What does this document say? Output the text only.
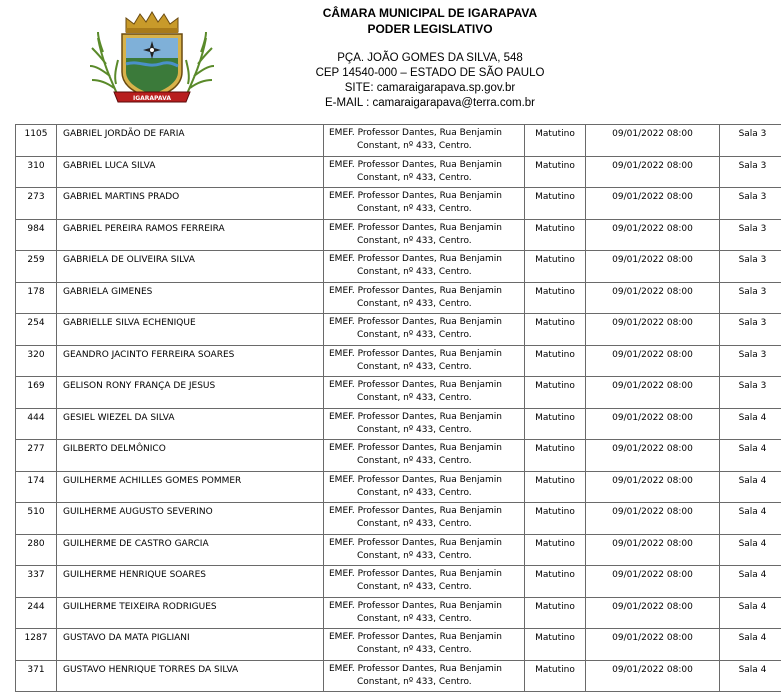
IGARAPAVA
CÂMARA MUNICIPAL DE IGARAPAVA
PODER LEGISLATIVO
PÇA. JOÃO GOMES DA SILVA, 548
CEP 14540-000 – ESTADO DE SÃO PAULO
SITE: camaraigarapava.sp.gov.br
E-MAIL : camaraigarapava@terra.com.br
1105	GABRIEL JORDÃO DE FARIA	EMEF. Professor Dantes, Rua Benjamin
Constant, nº 433, Centro.	Matutino	09/01/2022 08:00	Sala 3
310	GABRIEL LUCA SILVA	EMEF. Professor Dantes, Rua Benjamin
Constant, nº 433, Centro.	Matutino	09/01/2022 08:00	Sala 3
273	GABRIEL MARTINS PRADO	EMEF. Professor Dantes, Rua Benjamin
Constant, nº 433, Centro.	Matutino	09/01/2022 08:00	Sala 3
984	GABRIEL PEREIRA RAMOS FERREIRA	EMEF. Professor Dantes, Rua Benjamin
Constant, nº 433, Centro.	Matutino	09/01/2022 08:00	Sala 3
259	GABRIELA DE OLIVEIRA SILVA	EMEF. Professor Dantes, Rua Benjamin
Constant, nº 433, Centro.	Matutino	09/01/2022 08:00	Sala 3
178	GABRIELA GIMENES	EMEF. Professor Dantes, Rua Benjamin
Constant, nº 433, Centro.	Matutino	09/01/2022 08:00	Sala 3
254	GABRIELLE SILVA ECHENIQUE	EMEF. Professor Dantes, Rua Benjamin
Constant, nº 433, Centro.	Matutino	09/01/2022 08:00	Sala 3
320	GEANDRO JACINTO FERREIRA SOARES	EMEF. Professor Dantes, Rua Benjamin
Constant, nº 433, Centro.	Matutino	09/01/2022 08:00	Sala 3
169	GELISON RONY FRANÇA DE JESUS	EMEF. Professor Dantes, Rua Benjamin
Constant, nº 433, Centro.	Matutino	09/01/2022 08:00	Sala 3
444	GESIEL WIEZEL DA SILVA	EMEF. Professor Dantes, Rua Benjamin
Constant, nº 433, Centro.	Matutino	09/01/2022 08:00	Sala 4
277	GILBERTO DELMÔNICO	EMEF. Professor Dantes, Rua Benjamin
Constant, nº 433, Centro.	Matutino	09/01/2022 08:00	Sala 4
174	GUILHERME ACHILLES GOMES POMMER	EMEF. Professor Dantes, Rua Benjamin
Constant, nº 433, Centro.	Matutino	09/01/2022 08:00	Sala 4
510	GUILHERME AUGUSTO SEVERINO	EMEF. Professor Dantes, Rua Benjamin
Constant, nº 433, Centro.	Matutino	09/01/2022 08:00	Sala 4
280	GUILHERME DE CASTRO GARCIA	EMEF. Professor Dantes, Rua Benjamin
Constant, nº 433, Centro.	Matutino	09/01/2022 08:00	Sala 4
337	GUILHERME HENRIQUE SOARES	EMEF. Professor Dantes, Rua Benjamin
Constant, nº 433, Centro.	Matutino	09/01/2022 08:00	Sala 4
244	GUILHERME TEIXEIRA RODRIGUES	EMEF. Professor Dantes, Rua Benjamin
Constant, nº 433, Centro.	Matutino	09/01/2022 08:00	Sala 4
1287	GUSTAVO DA MATA PIGLIANI	EMEF. Professor Dantes, Rua Benjamin
Constant, nº 433, Centro.	Matutino	09/01/2022 08:00	Sala 4
371	GUSTAVO HENRIQUE TORRES DA SILVA	EMEF. Professor Dantes, Rua Benjamin
Constant, nº 433, Centro.	Matutino	09/01/2022 08:00	Sala 4
